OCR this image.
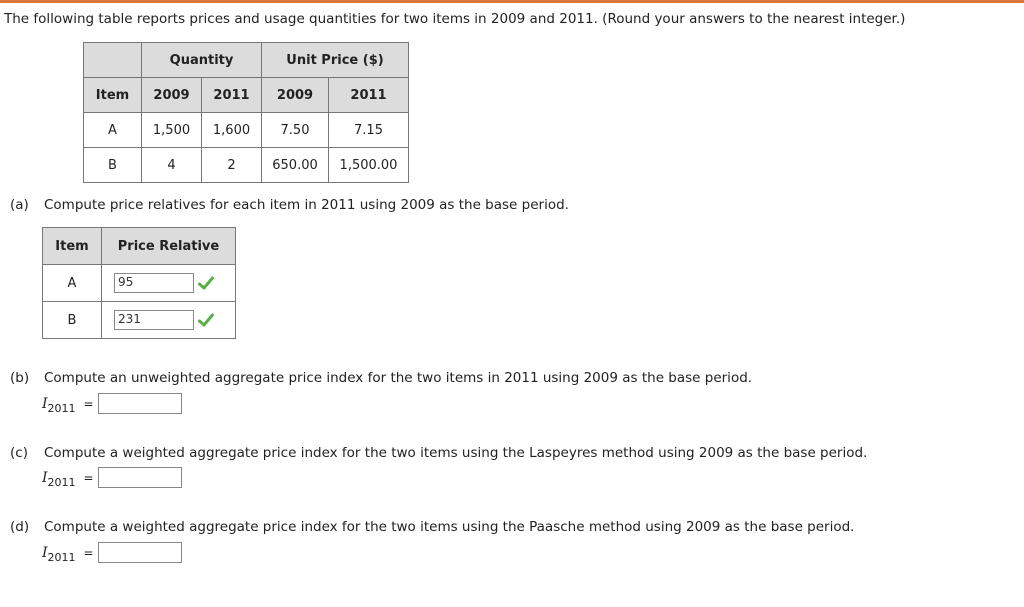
The following table reports prices and usage quantities for two items in 2009 and 2011. (Round your answers to the nearest integer.)
	Quantity		Unit Price ($)	
Item	2009	2011	2009	2011
A	1,500	1,600	7.50	7.15
B	4	2	650.00	1,500.00
(a) Compute price relatives for each item in 2011 using 2009 as the base period.
Item	Price Relative
A	95
B	231
(b) Compute an unweighted aggregate price index for the two items in 2011 using 2009 as the base period.
I 2011 =
(c) Compute a weighted aggregate price index for the two items using the Laspeyres method using 2009 as the base period.
I 2011 =
(d) Compute a weighted aggregate price index for the two items using the Paasche method using 2009 as the base period.
I 2011 =
